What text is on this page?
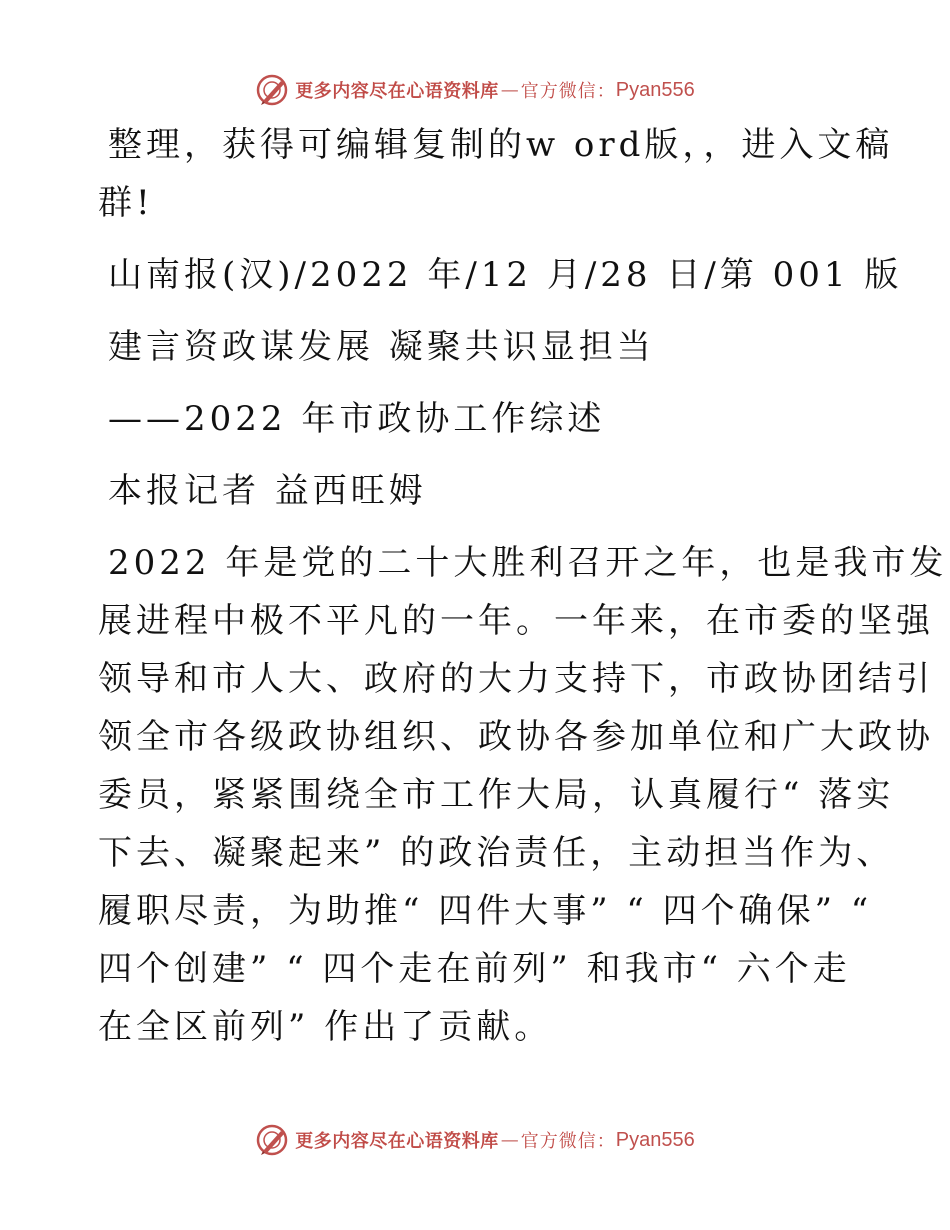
更多内容尽在心语资料库 — 官方微信： Pyan556
整理，获得可编辑复制的w ord版，，进入文稿
群!
山南报(汉)/2022 年/12 月/28 日/第 001 版
建言资政谋发展 凝聚共识显担当
——2022 年市政协工作综述
本报记者 益西旺姆
2022 年是党的二十大胜利召开之年，也是我市发
展进程中极不平凡的一年。一年来，在市委的坚强
领导和市人大、政府的大力支持下，市政协团结引
领全市各级政协组织、政协各参加单位和广大政协
委员，紧紧围绕全市工作大局，认真履行“ 落实
下去、凝聚起来” 的政治责任，主动担当作为、
履职尽责，为助推“ 四件大事” “ 四个确保” “
四个创建” “ 四个走在前列” 和我市“ 六个走
在全区前列” 作出了贡献。
更多内容尽在心语资料库 — 官方微信： Pyan556
